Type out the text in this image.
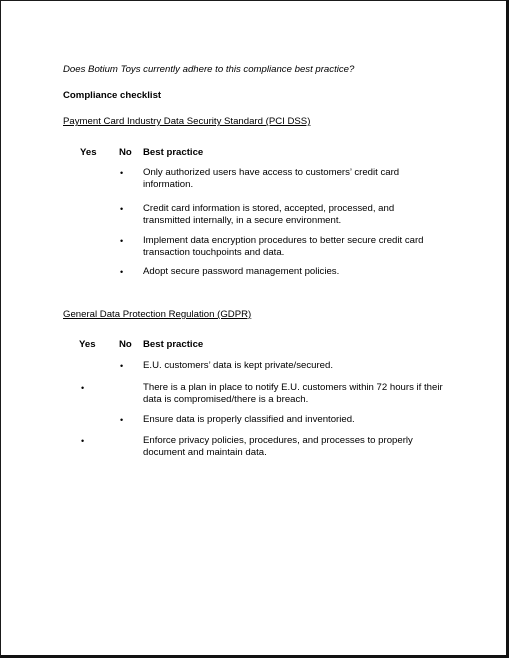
Does Botium Toys currently adhere to this compliance best practice?
Compliance checklist
Payment Card Industry Data Security Standard (PCI DSS)
Yes No Best practice
• Only authorized users have access to customers’ credit card information.
• Credit card information is stored, accepted, processed, and transmitted internally, in a secure environment.
• Implement data encryption procedures to better secure credit card transaction touchpoints and data.
• Adopt secure password management policies.
General Data Protection Regulation (GDPR)
Yes No Best practice
• E.U. customers’ data is kept private/secured.
•	There is a plan in place to notify E.U. customers within 72 hours if their data is compromised/there is a breach.
• Ensure data is properly classified and inventoried.
•	Enforce privacy policies, procedures, and processes to properly document and maintain data.
